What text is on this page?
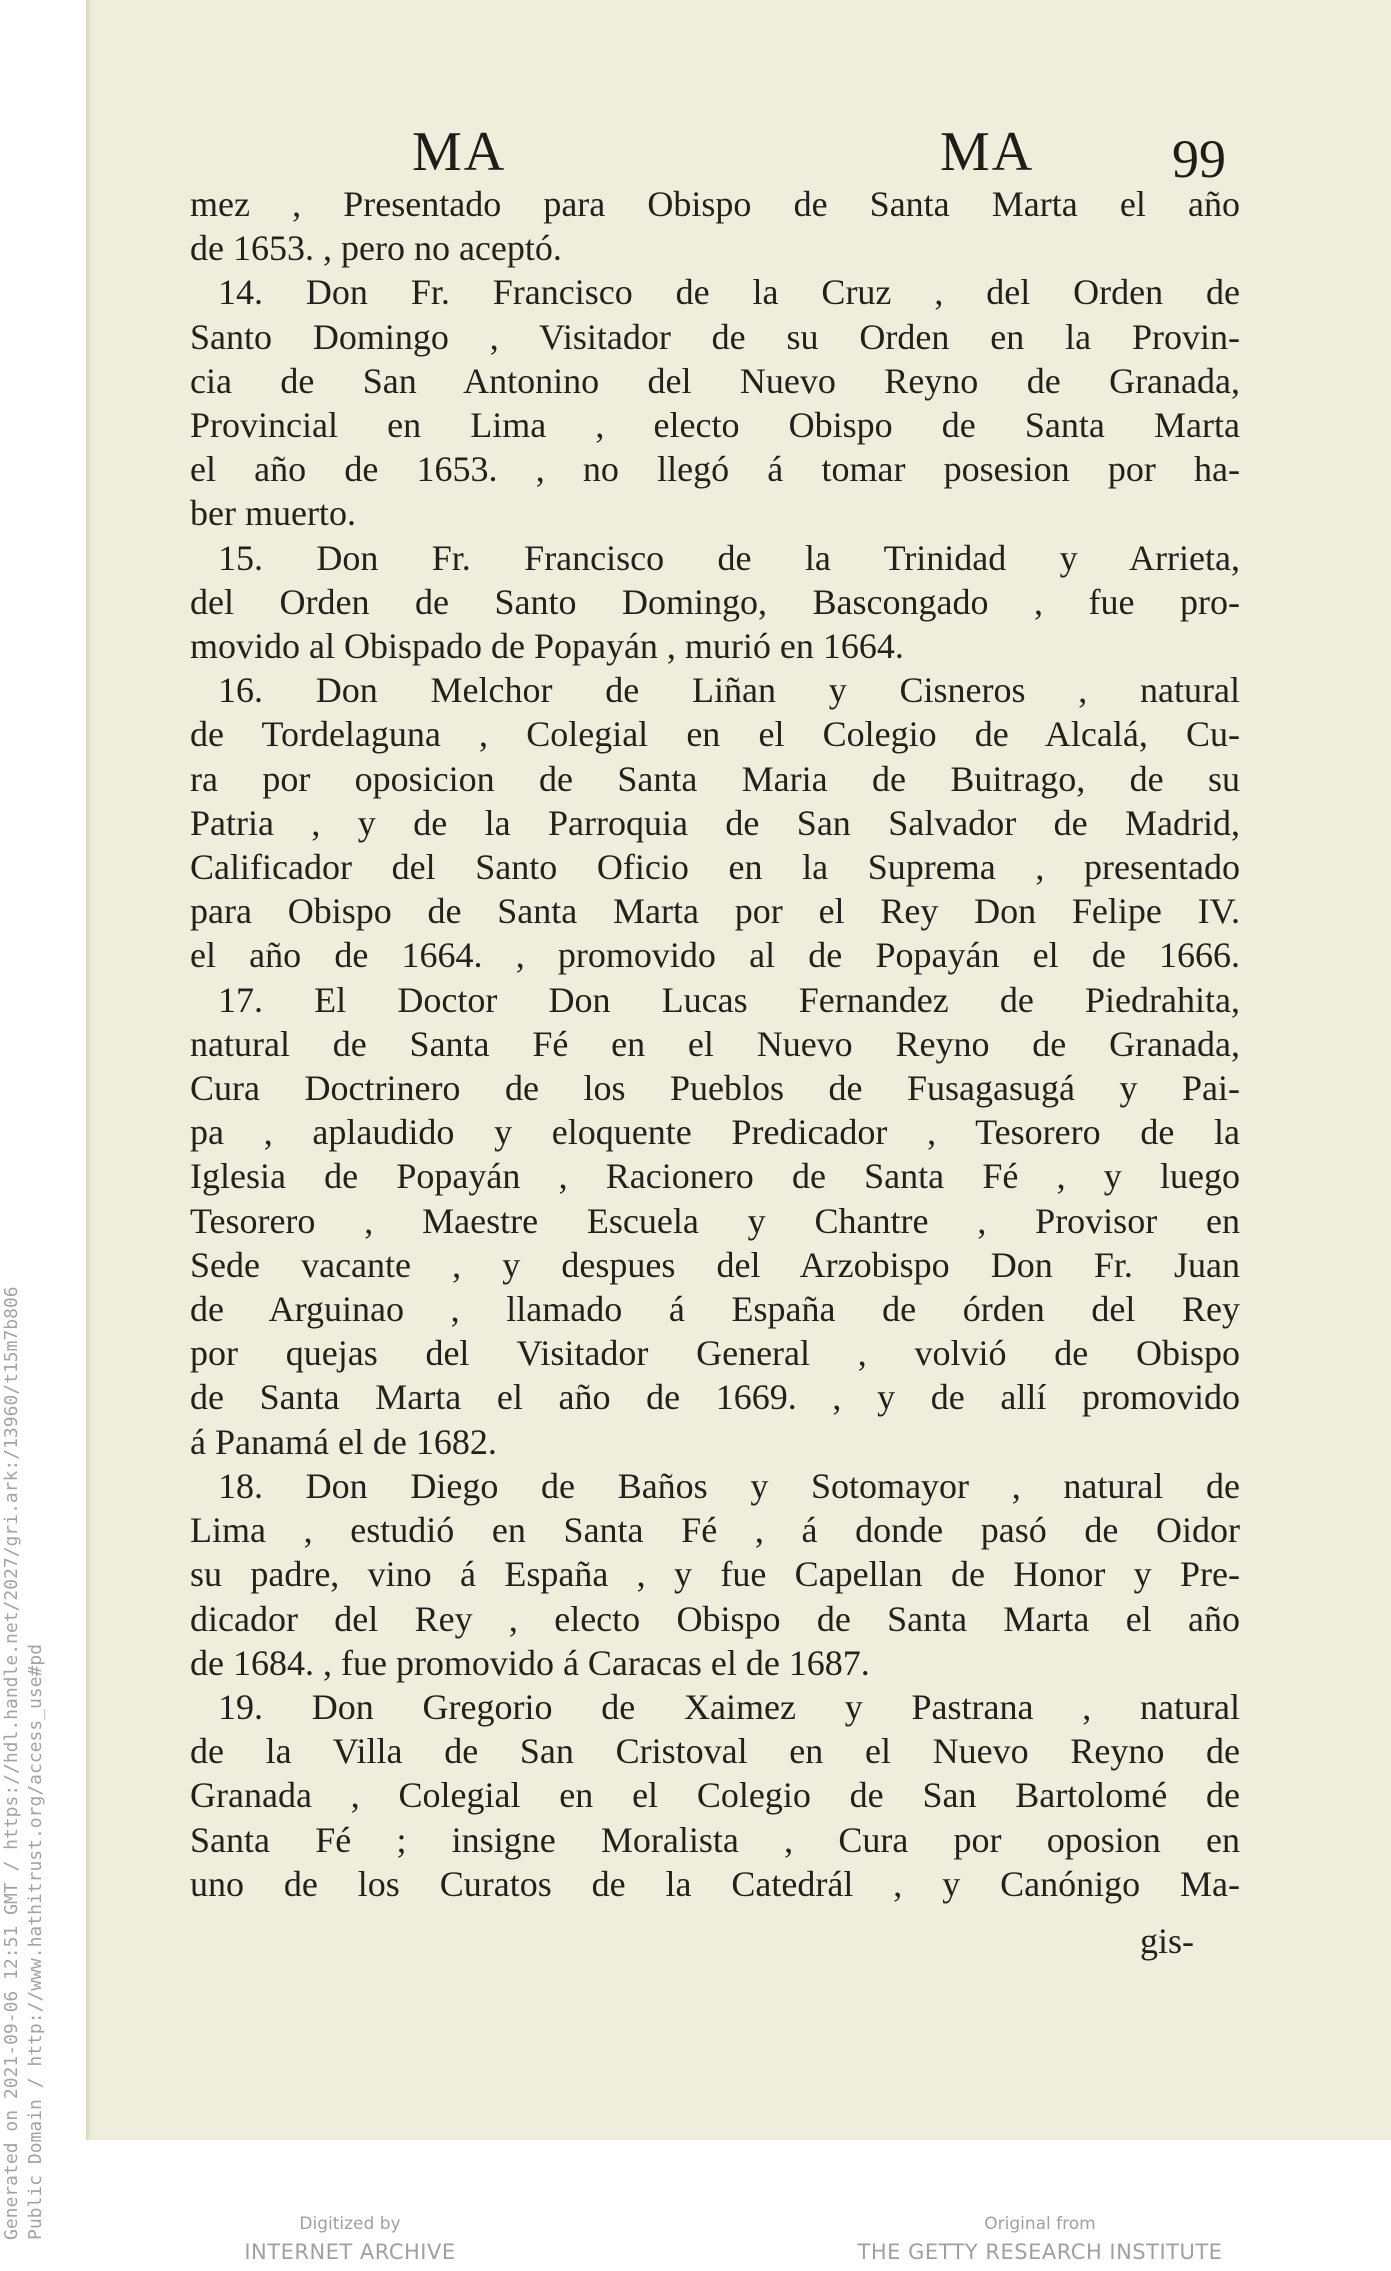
MA	MA	99
mez , Presentado para Obispo de Santa Marta el año
de 1653. , pero no aceptó.
14. Don Fr. Francisco de la Cruz , del Orden de
Santo Domingo , Visitador de su Orden en la Provin-
cia de San Antonino del Nuevo Reyno de Granada,
Provincial en Lima , electo Obispo de Santa Marta
el año de 1653. , no llegó á tomar posesion por ha-
ber muerto.
15. Don Fr. Francisco de la Trinidad y Arrieta,
del Orden de Santo Domingo, Bascongado , fue pro-
movido al Obispado de Popayán , murió en 1664.
16. Don Melchor de Liñan y Cisneros , natural
de Tordelaguna , Colegial en el Colegio de Alcalá, Cu-
ra por oposicion de Santa Maria de Buitrago, de su
Patria , y de la Parroquia de San Salvador de Madrid,
Calificador del Santo Oficio en la Suprema , presentado
para Obispo de Santa Marta por el Rey Don Felipe IV.
el año de 1664. , promovido al de Popayán el de 1666.
17. El Doctor Don Lucas Fernandez de Piedrahita,
natural de Santa Fé en el Nuevo Reyno de Granada,
Cura Doctrinero de los Pueblos de Fusagasugá y Pai-
pa , aplaudido y eloquente Predicador , Tesorero de la
Iglesia de Popayán , Racionero de Santa Fé , y luego
Tesorero , Maestre Escuela y Chantre , Provisor en
Sede vacante , y despues del Arzobispo Don Fr. Juan
de Arguinao , llamado á España de órden del Rey
por quejas del Visitador General , volvió de Obispo
de Santa Marta el año de 1669. , y de allí promovido
á Panamá el de 1682.
18. Don Diego de Baños y Sotomayor , natural de
Lima , estudió en Santa Fé , á donde pasó de Oidor
su padre, vino á España , y fue Capellan de Honor y Pre-
dicador del Rey , electo Obispo de Santa Marta el año
de 1684. , fue promovido á Caracas el de 1687.
19. Don Gregorio de Xaimez y Pastrana , natural
de la Villa de San Cristoval en el Nuevo Reyno de
Granada , Colegial en el Colegio de San Bartolomé de
Santa Fé ; insigne Moralista , Cura por oposion en
uno de los Curatos de la Catedrál , y Canónigo Ma-
gis-
Generated on 2021-09-06 12:51 GMT / https://hdl.handle.net/2027/gri.ark:/13960/t15m7b806 Public Domain / http://www.hathitrust.org/access_use#pd	Digitized by
INTERNET ARCHIVE
Original from
THE GETTY RESEARCH INSTITUTE
